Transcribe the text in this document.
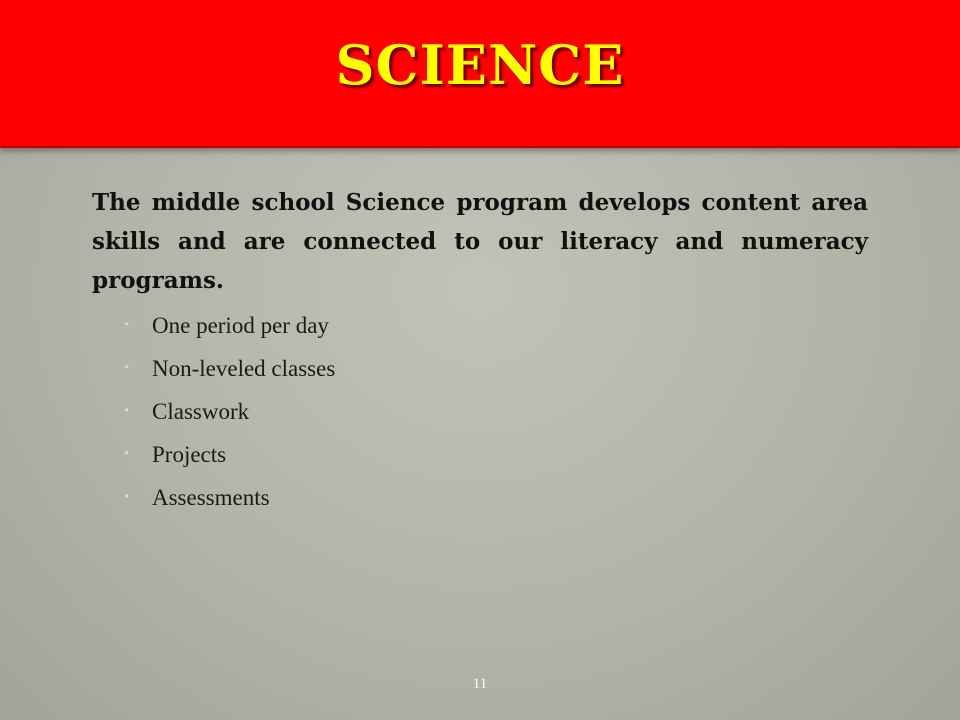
SCIENCE

The middle school Science program develops content area skills and are connected to our literacy and numeracy programs.

• One period per day
• Non-leveled classes
• Classwork
• Projects
• Assessments
11
